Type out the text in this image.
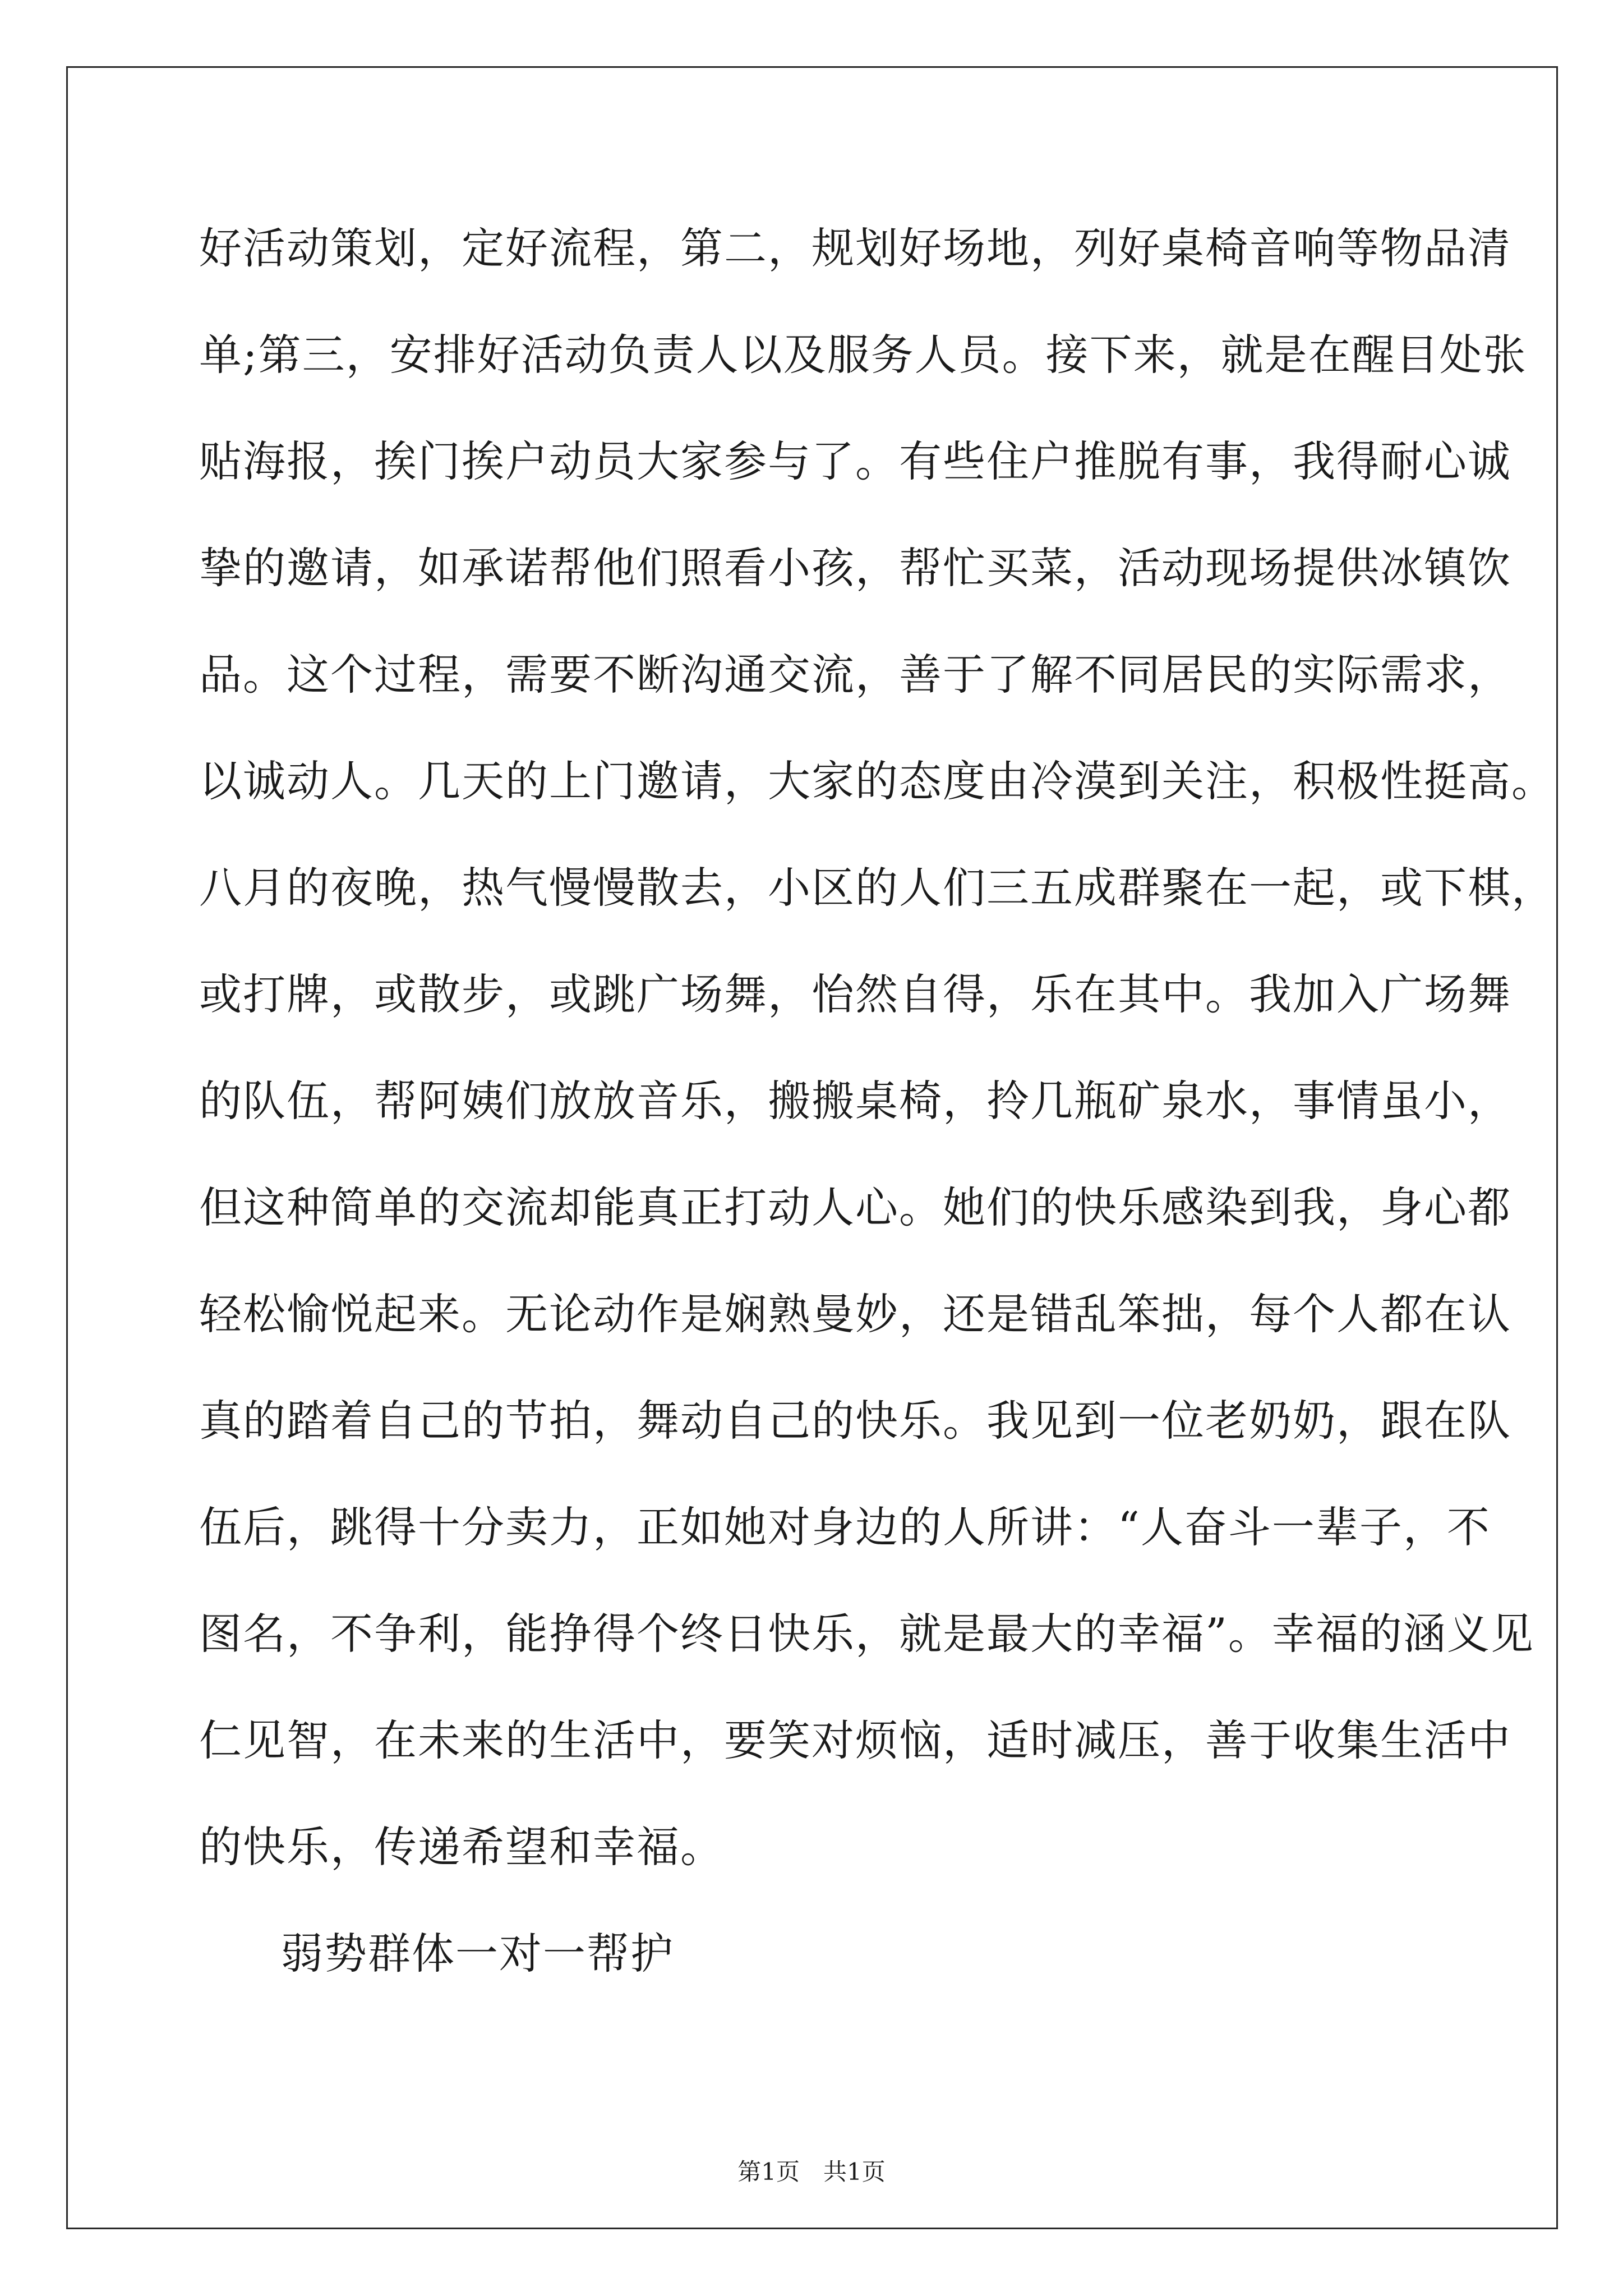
好活动策划，定好流程，第二，规划好场地，列好桌椅音响等物品清
单;第三，安排好活动负责人以及服务人员。接下来，就是在醒目处张
贴海报，挨门挨户动员大家参与了。有些住户推脱有事，我得耐心诚
挚的邀请，如承诺帮他们照看小孩，帮忙买菜，活动现场提供冰镇饮
品。这个过程，需要不断沟通交流，善于了解不同居民的实际需求，
以诚动人。几天的上门邀请，大家的态度由冷漠到关注，积极性挺高。
八月的夜晚，热气慢慢散去，小区的人们三五成群聚在一起，或下棋，
或打牌，或散步，或跳广场舞，怡然自得，乐在其中。我加入广场舞
的队伍，帮阿姨们放放音乐，搬搬桌椅，拎几瓶矿泉水，事情虽小，
但这种简单的交流却能真正打动人心。她们的快乐感染到我，身心都
轻松愉悦起来。无论动作是娴熟曼妙，还是错乱笨拙，每个人都在认
真的踏着自己的节拍，舞动自己的快乐。我见到一位老奶奶，跟在队
伍后，跳得十分卖力，正如她对身边的人所讲：“人奋斗一辈子，不
图名，不争利，能挣得个终日快乐，就是最大的幸福”。幸福的涵义见
仁见智，在未来的生活中，要笑对烦恼，适时减压，善于收集生活中
的快乐，传递希望和幸福。
弱势群体一对一帮护
第1页　共1页
